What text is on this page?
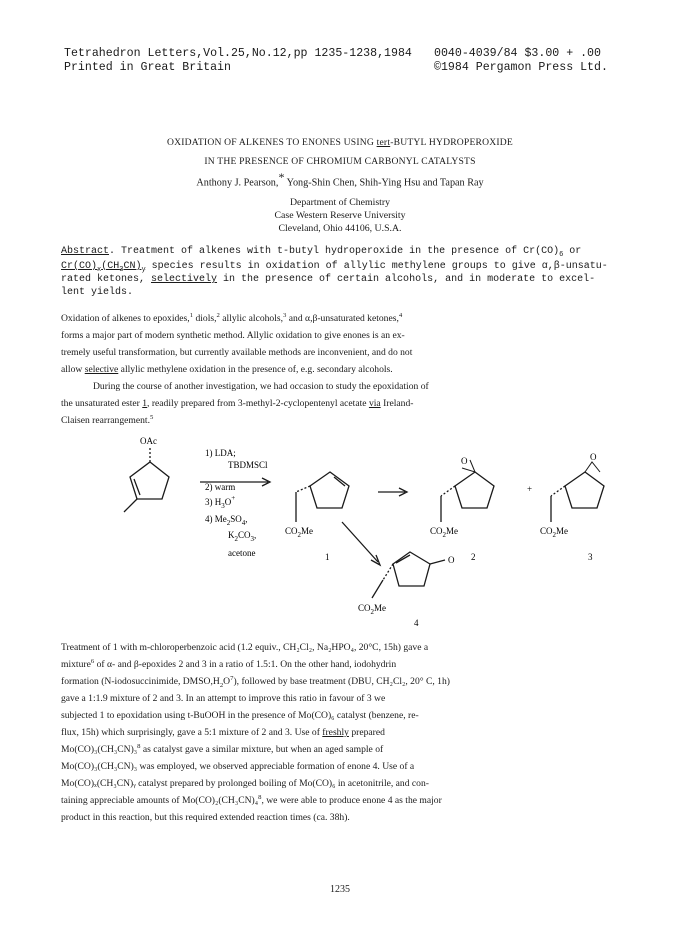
Tetrahedron Letters,Vol.25,No.12,pp 1235-1238,1984
Printed in Great Britain
0040-4039/84 $3.00 + .00
©1984 Pergamon Press Ltd.
OXIDATION OF ALKENES TO ENONES USING tert-BUTYL HYDROPEROXIDE
IN THE PRESENCE OF CHROMIUM CARBONYL CATALYSTS
Anthony J. Pearson,* Yong-Shin Chen, Shih-Ying Hsu and Tapan Ray
Department of Chemistry
Case Western Reserve University
Cleveland, Ohio 44106, U.S.A.
Abstract. Treatment of alkenes with t-butyl hydroperoxide in the presence of $Cr(CO)_6$ or
$Cr(CO)_x(CH_3CN)_y$ species results in oxidation of allylic methylene groups to give α,β-unsatu-
rated ketones, selectively in the presence of certain alcohols, and in moderate to excel-
lent yields.
Oxidation of alkenes to epoxides,$^1$ diols,$^2$ allylic alcohols,$^3$ and α,β-unsaturated ketones,$^4$
forms a major part of modern synthetic method. Allylic oxidation to give enones is an ex-
tremely useful transformation, but currently available methods are inconvenient, and do not
allow selective allylic methylene oxidation in the presence of, e.g. secondary alcohols.
During the course of another investigation, we had occasion to study the epoxidation of
the unsaturated ester 1, readily prepared from 3-methyl-2-cyclopentenyl acetate via Ireland-
Claisen rearrangement.$^5$
OAc
1) LDA;
TBDMSCl
2) warm
3) $H_3O^+$
4) $Me_2SO_4$,
$K_2CO_3$,
acetone
$CO_2Me$	$CO_2Me$	$CO_2Me$
$CO_2Me$
O	O
O
+
1	2	3
4
Treatment of 1 with m-chloroperbenzoic acid (1.2 equiv., CH₂Cl₂, Na₂HPO₄, 20°C, 15h) gave a
mixture$^6$ of α- and β-epoxides 2 and 3 in a ratio of 1.5:1. On the other hand, iodohydrin
formation (N-iodosuccinimide, $DMSO,H_2O^7$), followed by base treatment (DBU, CH₂Cl₂, 20° C, 1h)
gave a 1:1.9 mixture of 2 and 3. In an attempt to improve this ratio in favour of 3 we
subjected 1 to epoxidation using t-BuOOH in the presence of Mo(CO)₆ catalyst (benzene, re-
flux, 15h) which surprisingly, gave a 5:1 mixture of 2 and 3. Use of freshly prepared
Mo(CO)₃(CH₃CN)₃$^8$ as catalyst gave a similar mixture, but when an aged sample of
Mo(CO)₃(CH₃CN)₃ was employed, we observed appreciable formation of enone 4. Use of a
Mo(CO)ₓ(CH₃CN)ᵧ catalyst prepared by prolonged boiling of Mo(CO)₆ in acetonitrile, and con-
taining appreciable amounts of Mo(CO)₂(CH₃CN)₄$^8$, we were able to produce enone 4 as the major
product in this reaction, but this required extended reaction times (ca. 38h).
1235
